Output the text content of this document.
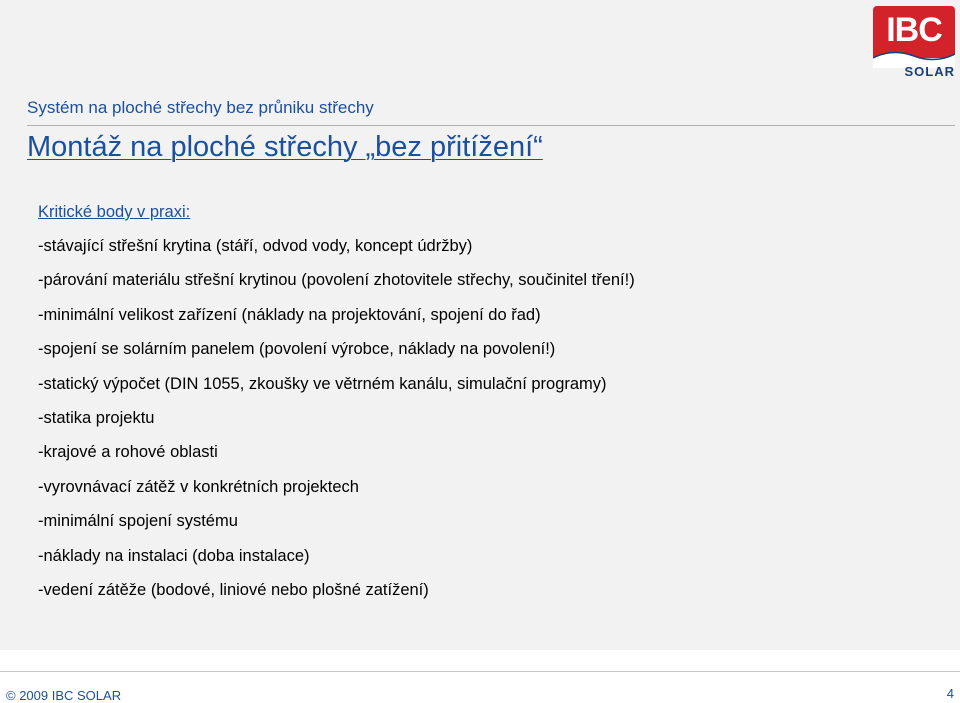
IBC
SOLAR
Systém na ploché střechy bez průniku střechy
Montáž na ploché střechy „bez přitížení“
Kritické body v praxi:
-stávající střešní krytina (stáří, odvod vody, koncept údržby)
-párování materiálu střešní krytinou (povolení zhotovitele střechy, součinitel tření!)
-minimální velikost zařízení (náklady na projektování, spojení do řad)
-spojení se solárním panelem (povolení výrobce, náklady na povolení!)
-statický výpočet (DIN 1055, zkoušky ve větrném kanálu, simulační programy)
-statika projektu
-krajové a rohové oblasti
-vyrovnávací zátěž v konkrétních projektech
-minimální spojení systému
-náklady na instalaci (doba instalace)
-vedení zátěže (bodové, liniové nebo plošné zatížení)
© 2009 IBC SOLAR	4
